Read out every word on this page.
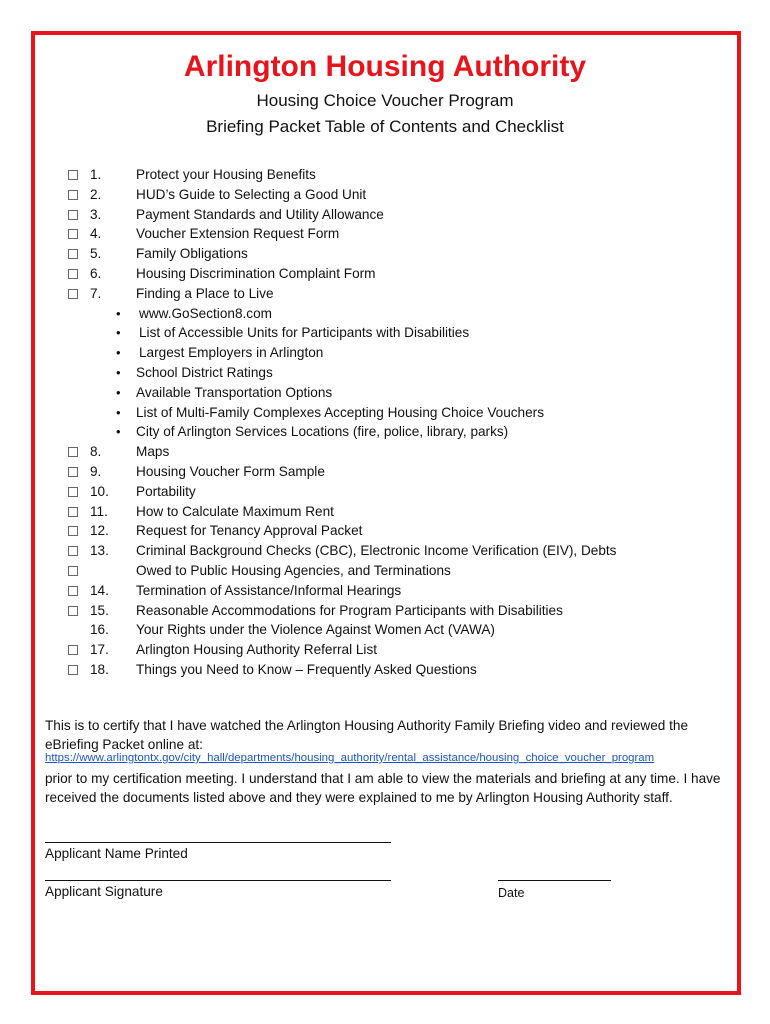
Arlington Housing Authority
Housing Choice Voucher Program
Briefing Packet Table of Contents and Checklist
1.	Protect your Housing Benefits
2.	HUD’s Guide to Selecting a Good Unit
3.	Payment Standards and Utility Allowance
4.	Voucher Extension Request Form
5.	Family Obligations
6.	Housing Discrimination Complaint Form
7.	Finding a Place to Live
• www.GoSection8.com
• List of Accessible Units for Participants with Disabilities
• Largest Employers in Arlington
• School District Ratings
• Available Transportation Options
• List of Multi-Family Complexes Accepting Housing Choice Vouchers
• City of Arlington Services Locations (fire, police, library, parks)
8.	Maps
9.	Housing Voucher Form Sample
10.	Portability
11.	How to Calculate Maximum Rent
12.	Request for Tenancy Approval Packet
13.	Criminal Background Checks (CBC), Electronic Income Verification (EIV), Debts
Owed to Public Housing Agencies, and Terminations
14.	Termination of Assistance/Informal Hearings
15.	Reasonable Accommodations for Program Participants with Disabilities
16.	Your Rights under the Violence Against Women Act (VAWA)
17.	Arlington Housing Authority Referral List
18.	Things you Need to Know – Frequently Asked Questions
This is to certify that I have watched the Arlington Housing Authority Family Briefing video and reviewed the eBriefing Packet online at:
https://www.arlingtontx.gov/city_hall/departments/housing_authority/rental_assistance/housing_choice_voucher_program
prior to my certification meeting. I understand that I am able to view the materials and briefing at any time. I have received the documents listed above and they were explained to me by Arlington Housing Authority staff.
Applicant Name Printed
Applicant Signature	Date
